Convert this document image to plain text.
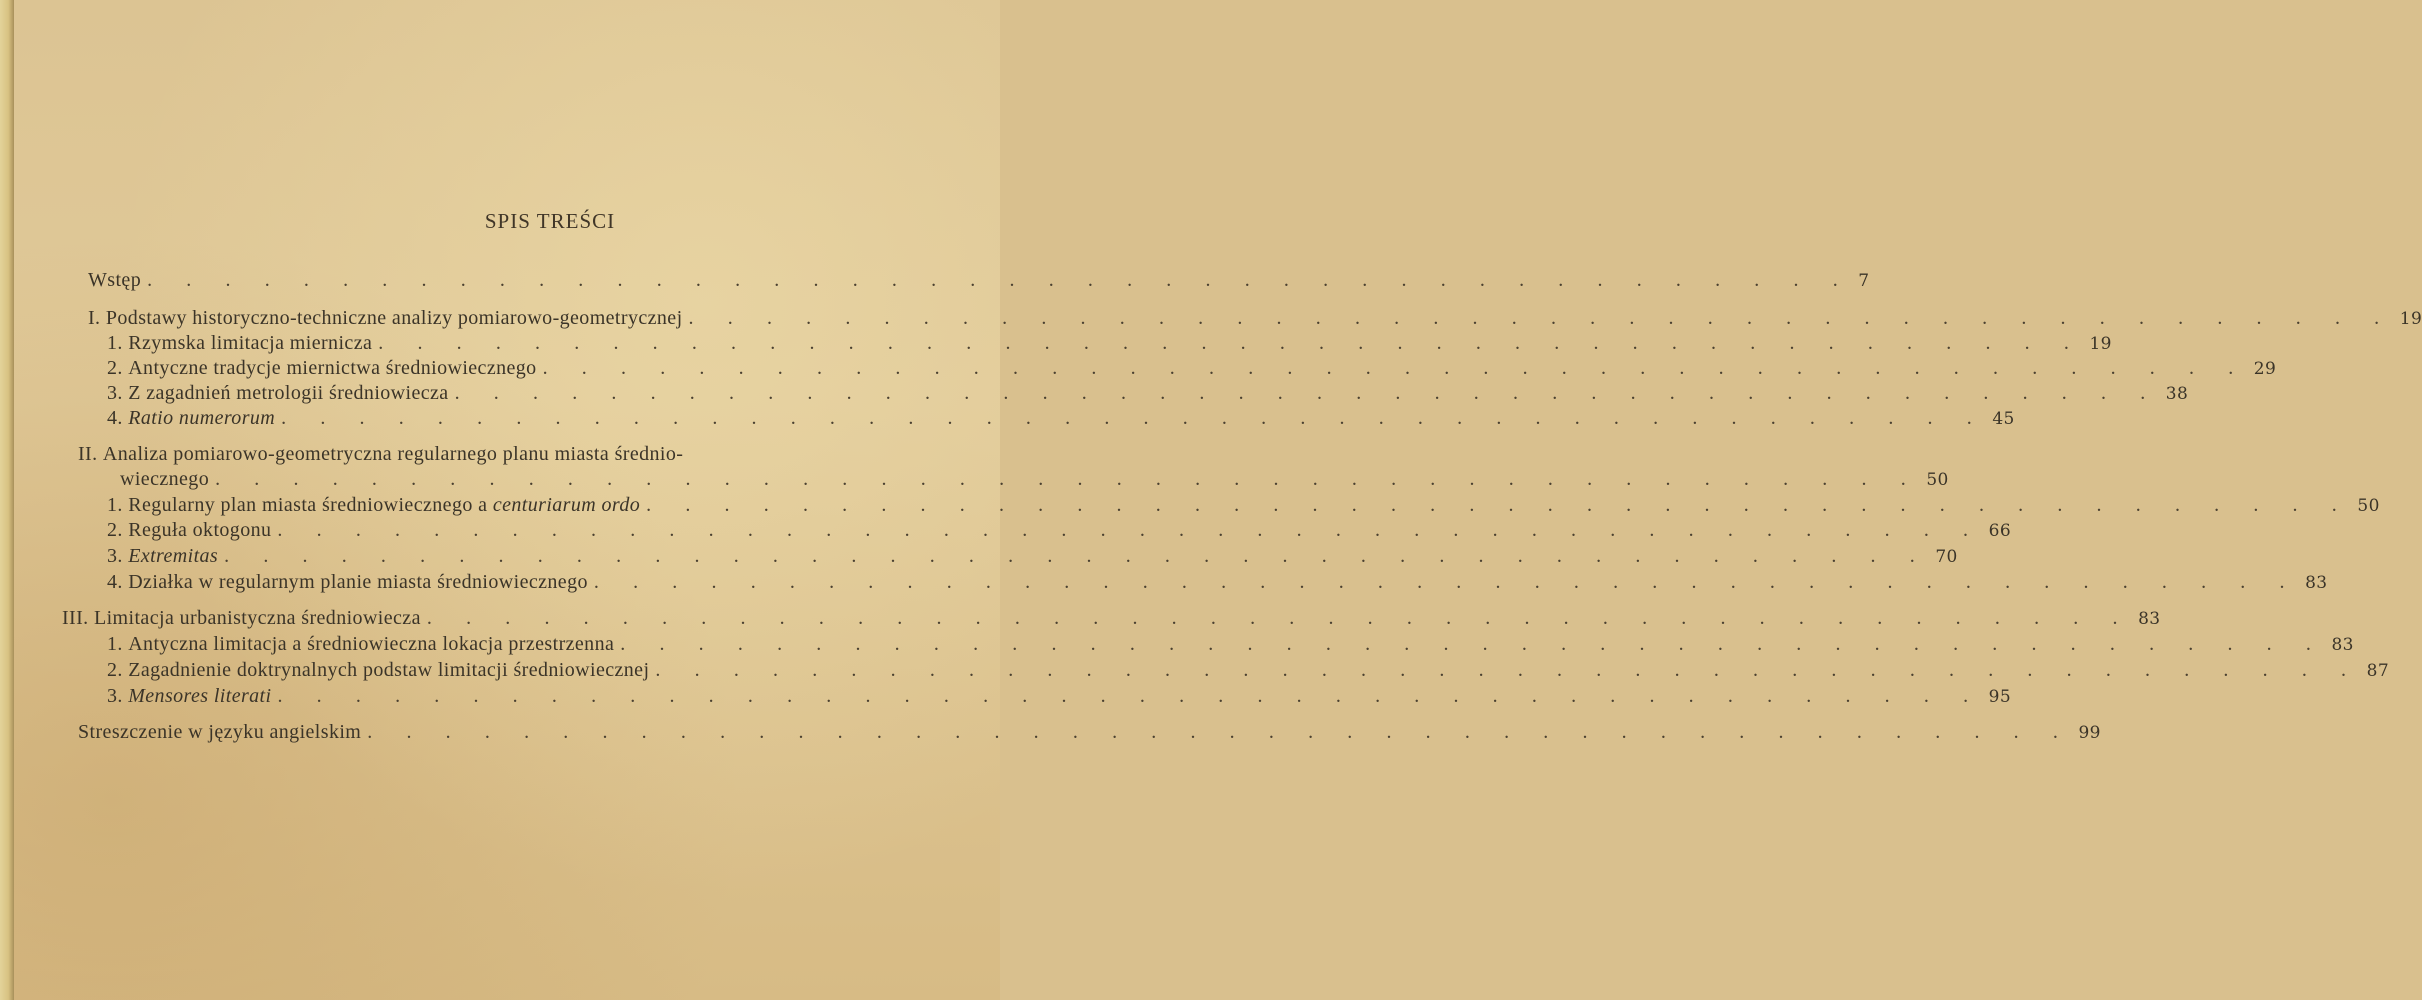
SPIS TREŚCI
Wstęp . . . . . . . . . . . . . . . . . . . . . . . . . . . . . . . . . . . . . . . . . . . . 7
I. Podstawy historyczno-techniczne analizy pomiarowo-geometrycznej . . . . . . . . . . . . . . . . . . . . . . . . . . . . . . . . . . . . . . . . . . . . 19
1. Rzymska limitacja miernicza . . . . . . . . . . . . . . . . . . . . . . . . . . . . . . . . . . . . . . . . . . . . 19
2. Antyczne tradycje miernictwa średniowiecznego . . . . . . . . . . . . . . . . . . . . . . . . . . . . . . . . . . . . . . . . . . . . 29
3. Z zagadnień metrologii średniowiecza . . . . . . . . . . . . . . . . . . . . . . . . . . . . . . . . . . . . . . . . . . . . 38
4. Ratio numerorum . . . . . . . . . . . . . . . . . . . . . . . . . . . . . . . . . . . . . . . . . . . . 45
II. Analiza pomiarowo-geometryczna regularnego planu miasta średnio-
wiecznego . . . . . . . . . . . . . . . . . . . . . . . . . . . . . . . . . . . . . . . . . . . . 50
1. Regularny plan miasta średniowiecznego a centuriarum ordo . . . . . . . . . . . . . . . . . . . . . . . . . . . . . . . . . . . . . . . . . . . . 50
2. Reguła oktogonu . . . . . . . . . . . . . . . . . . . . . . . . . . . . . . . . . . . . . . . . . . . . 66
3. Extremitas . . . . . . . . . . . . . . . . . . . . . . . . . . . . . . . . . . . . . . . . . . . . 70
4. Działka w regularnym planie miasta średniowiecznego . . . . . . . . . . . . . . . . . . . . . . . . . . . . . . . . . . . . . . . . . . . . 83
III. Limitacja urbanistyczna średniowiecza . . . . . . . . . . . . . . . . . . . . . . . . . . . . . . . . . . . . . . . . . . . . 83
1. Antyczna limitacja a średniowieczna lokacja przestrzenna . . . . . . . . . . . . . . . . . . . . . . . . . . . . . . . . . . . . . . . . . . . . 83
2. Zagadnienie doktrynalnych podstaw limitacji średniowiecznej . . . . . . . . . . . . . . . . . . . . . . . . . . . . . . . . . . . . . . . . . . . . 87
3. Mensores literati . . . . . . . . . . . . . . . . . . . . . . . . . . . . . . . . . . . . . . . . . . . . 95
Streszczenie w języku angielskim . . . . . . . . . . . . . . . . . . . . . . . . . . . . . . . . . . . . . . . . . . . . 99
